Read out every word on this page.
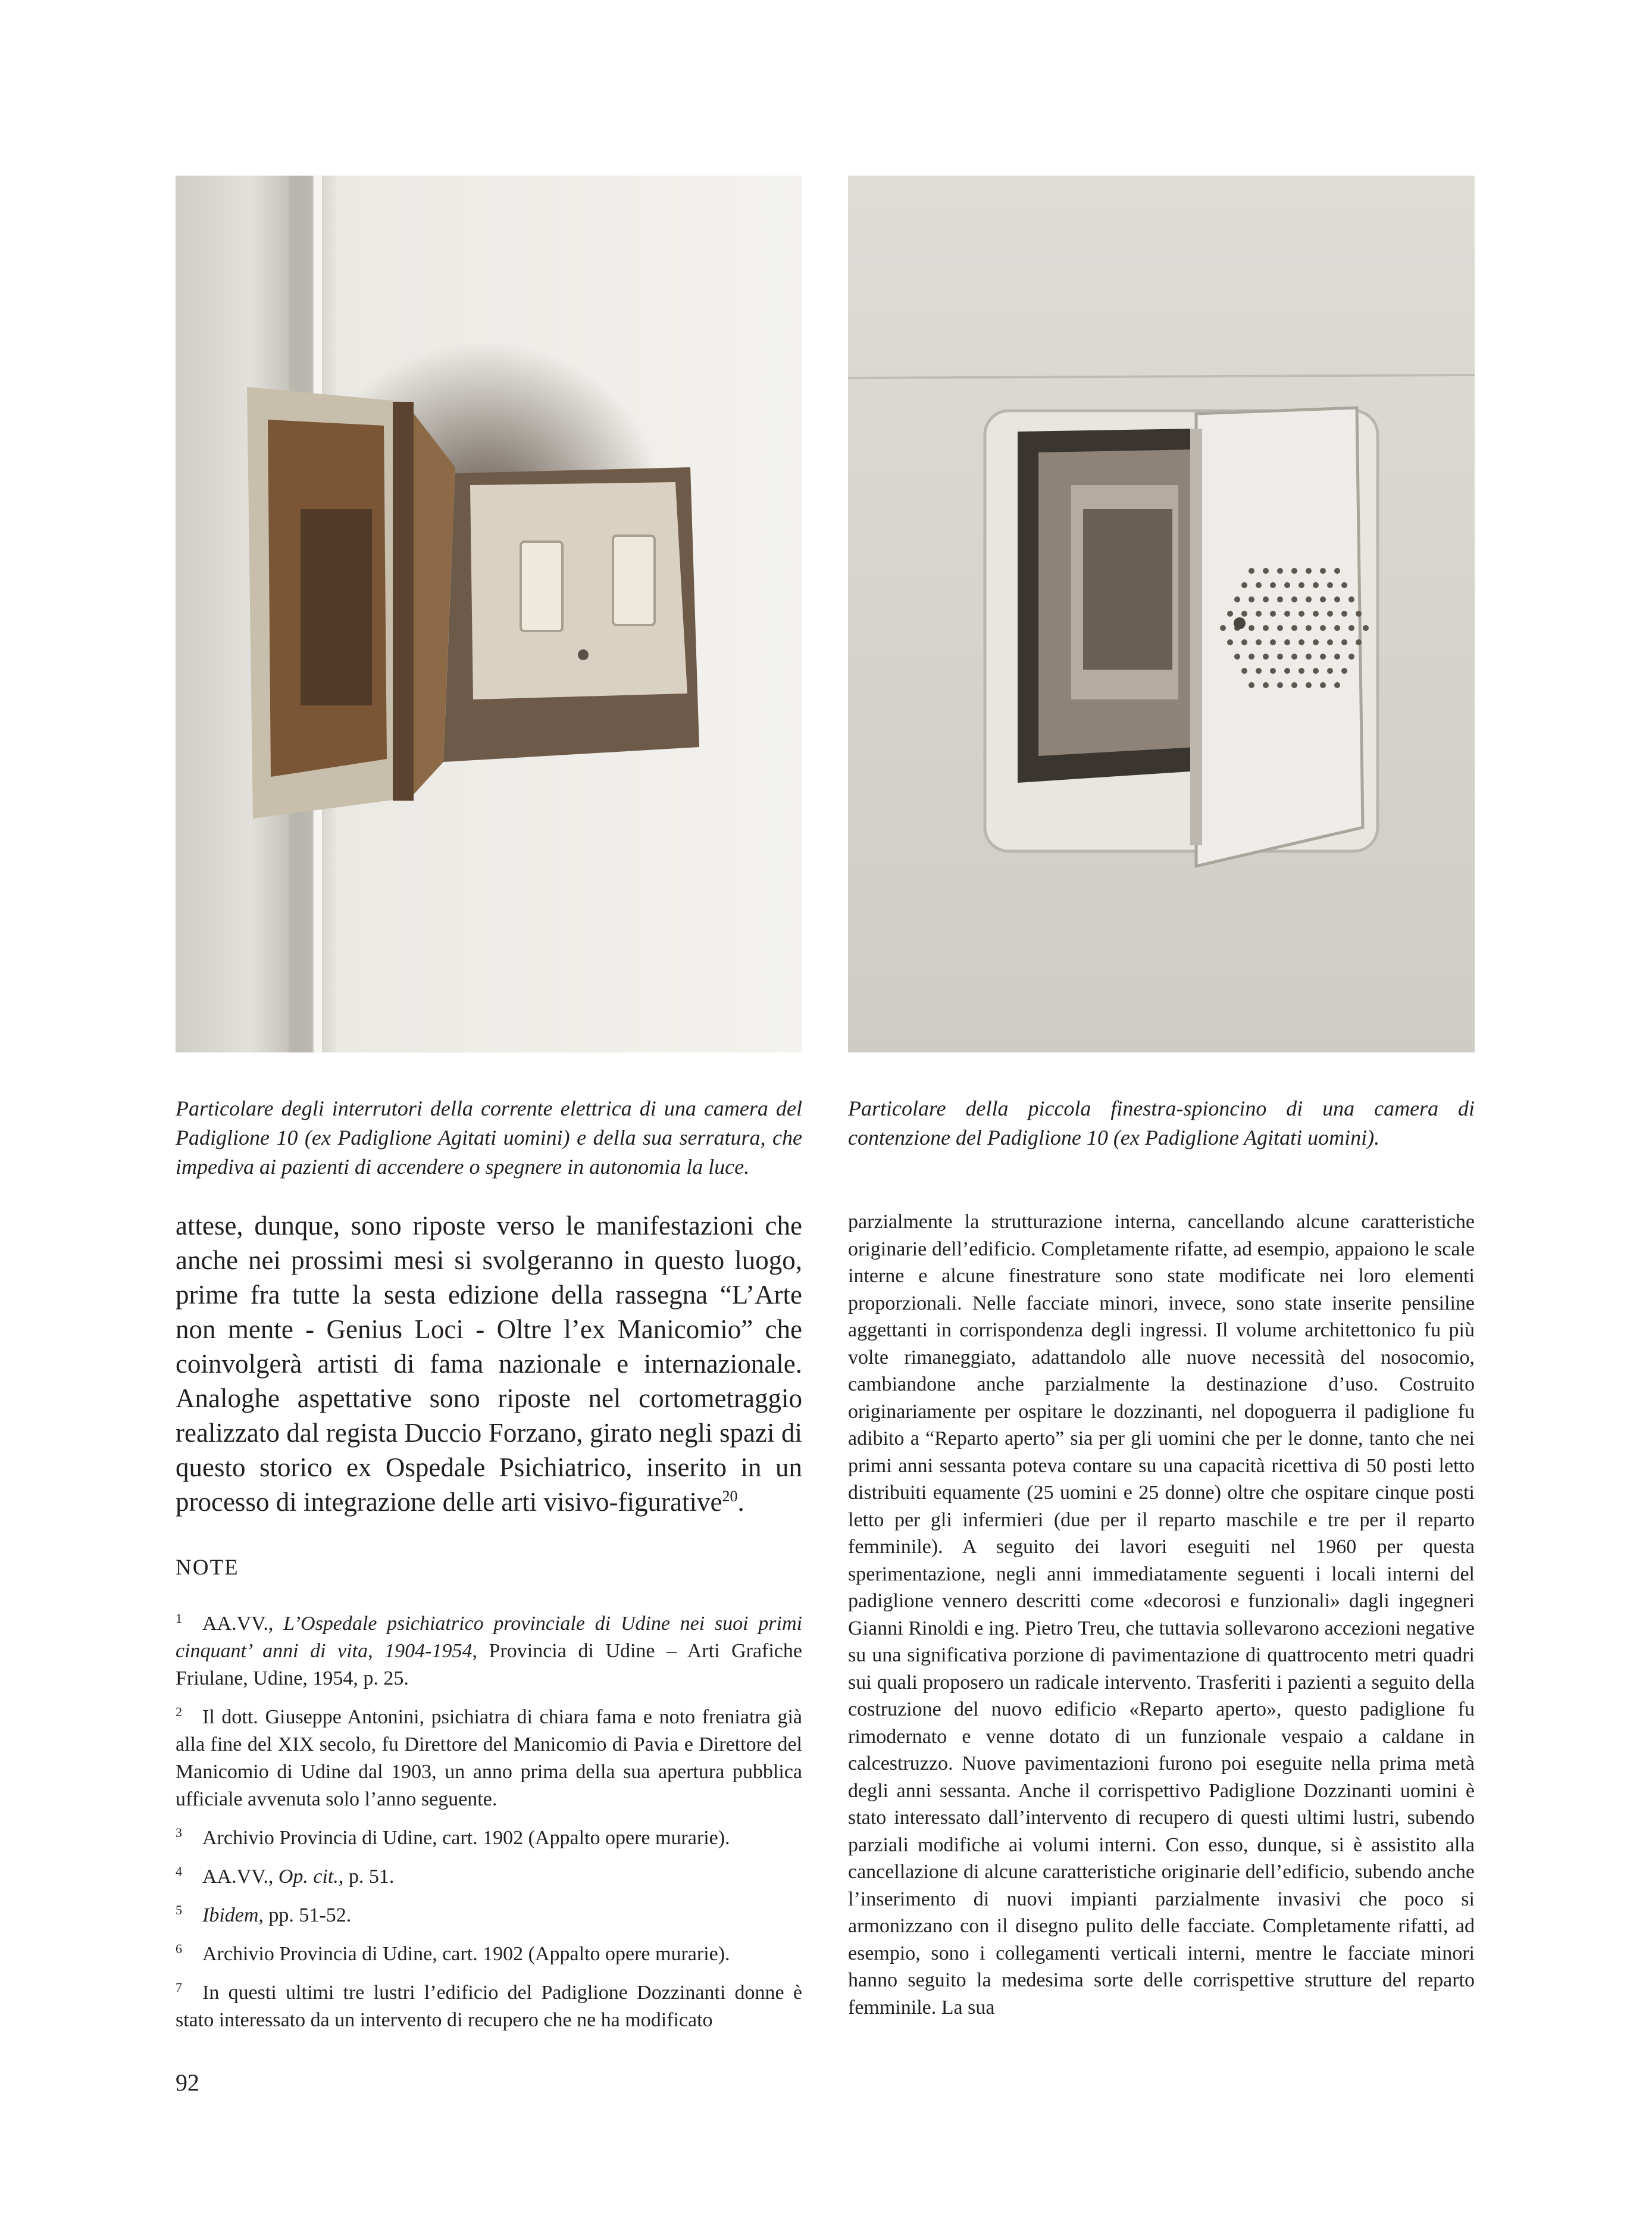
Particolare degli interrutori della corrente elettrica di una camera del Padiglione 10 (ex Padiglione Agitati uomini) e della sua serratura, che impediva ai pazienti di accendere o spegnere in autonomia la luce.

Particolare della piccola finestra-spioncino di una camera di contenzione del Padiglione 10 (ex Padiglione Agitati uomini).

attese, dunque, sono riposte verso le manifestazioni che anche nei prossimi mesi si svolgeranno in questo luogo, prime fra tutte la sesta edizione della rassegna “L’Arte non mente - Genius Loci - Oltre l’ex Manicomio” che coinvolgerà artisti di fama nazionale e internazionale. Analoghe aspettative sono riposte nel cortometraggio realizzato dal regista Duccio Forzano, girato negli spazi di questo storico ex Ospedale Psichiatrico, inserito in un processo di integrazione delle arti visivo-figurative$^{20}$.

NOTE
$^1$ AA.VV., L’Ospedale psichiatrico provinciale di Udine nei suoi primi cinquant’ anni di vita, 1904-1954, Provincia di Udine – Arti Grafiche Friulane, Udine, 1954, p. 25.
$^2$ Il dott. Giuseppe Antonini, psichiatra di chiara fama e noto freniatra già alla fine del XIX secolo, fu Direttore del Manicomio di Pavia e Direttore del Manicomio di Udine dal 1903, un anno prima della sua apertura pubblica ufficiale avvenuta solo l’anno seguente.
$^3$ Archivio Provincia di Udine, cart. 1902 (Appalto opere murarie).
$^4$ AA.VV., Op. cit., p. 51.
$^5$ Ibidem, pp. 51-52.
$^6$ Archivio Provincia di Udine, cart. 1902 (Appalto opere murarie).
$^7$ In questi ultimi tre lustri l’edificio del Padiglione Dozzinanti donne è stato interessato da un intervento di recupero che ne ha modificato

parzialmente la strutturazione interna, cancellando alcune caratteristiche originarie dell’edificio. Completamente rifatte, ad esempio, appaiono le scale interne e alcune finestrature sono state modificate nei loro elementi proporzionali. Nelle facciate minori, invece, sono state inserite pensiline aggettanti in corrispondenza degli ingressi. Il volume architettonico fu più volte rimaneggiato, adattandolo alle nuove necessità del nosocomio, cambiandone anche parzialmente la destinazione d’uso. Costruito originariamente per ospitare le dozzinanti, nel dopoguerra il padiglione fu adibito a “Reparto aperto” sia per gli uomini che per le donne, tanto che nei primi anni sessanta poteva contare su una capacità ricettiva di 50 posti letto distribuiti equamente (25 uomini e 25 donne) oltre che ospitare cinque posti letto per gli infermieri (due per il reparto maschile e tre per il reparto femminile). A seguito dei lavori eseguiti nel 1960 per questa sperimentazione, negli anni immediatamente seguenti i locali interni del padiglione vennero descritti come «decorosi e funzionali» dagli ingegneri Gianni Rinoldi e ing. Pietro Treu, che tuttavia sollevarono accezioni negative su una significativa porzione di pavimentazione di quattrocento metri quadri sui quali proposero un radicale intervento. Trasferiti i pazienti a seguito della costruzione del nuovo edificio «Reparto aperto», questo padiglione fu rimodernato e venne dotato di un funzionale vespaio a caldane in calcestruzzo. Nuove pavimentazioni furono poi eseguite nella prima metà degli anni sessanta. Anche il corrispettivo Padiglione Dozzinanti uomini è stato interessato dall’intervento di recupero di questi ultimi lustri, subendo parziali modifiche ai volumi interni. Con esso, dunque, si è assistito alla cancellazione di alcune caratteristiche originarie dell’edificio, subendo anche l’inserimento di nuovi impianti parzialmente invasivi che poco si armonizzano con il disegno pulito delle facciate. Completamente rifatti, ad esempio, sono i collegamenti verticali interni, mentre le facciate minori hanno seguito la medesima sorte delle corrispettive strutture del reparto femminile. La sua

92
